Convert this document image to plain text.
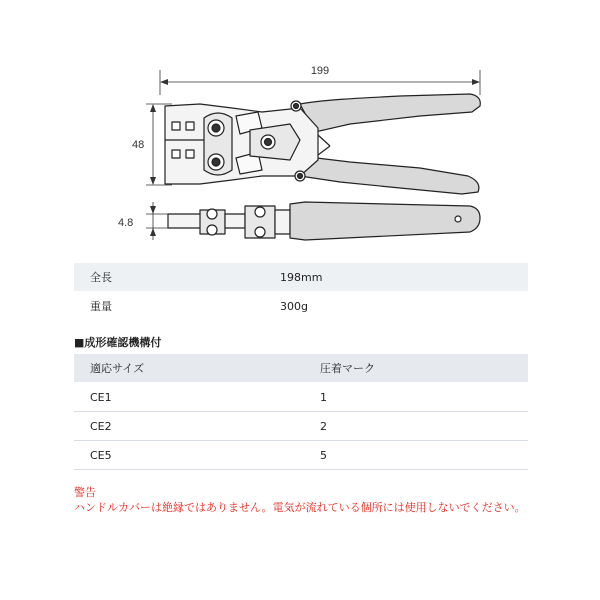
199
48
4.8
全長	198mm
重量	300g
■成形確認機構付
適応サイズ	圧着マーク
CE1	1
CE2	2
CE5	5
警告
ハンドルカバーは絶縁ではありません。電気が流れている個所には使用しないでください。
